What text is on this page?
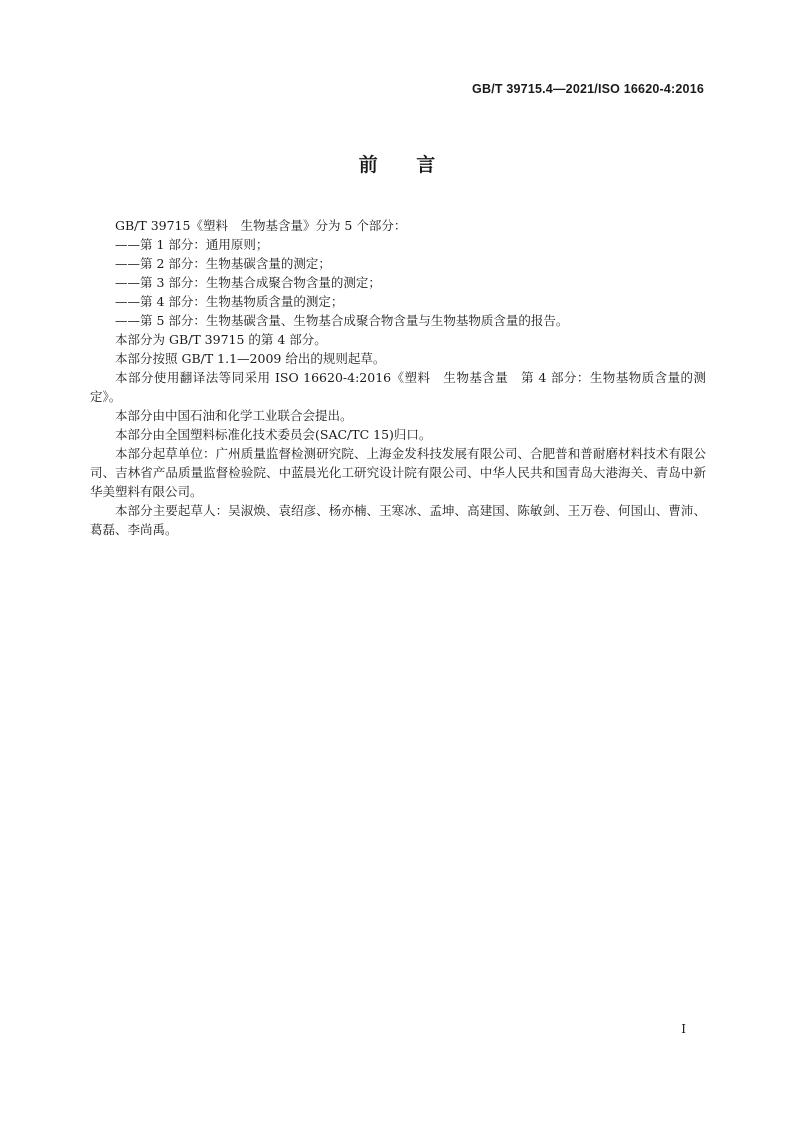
GB/T 39715.4—2021/ISO 16620-4:2016
前 言

GB/T 39715《塑料　生物基含量》分为 5 个部分：

——第 1 部分：通用原则；

——第 2 部分：生物基碳含量的测定；

——第 3 部分：生物基合成聚合物含量的测定；

——第 4 部分：生物基物质含量的测定；

——第 5 部分：生物基碳含量、生物基合成聚合物含量与生物基物质含量的报告。

本部分为 GB/T 39715 的第 4 部分。

本部分按照 GB/T 1.1—2009 给出的规则起草。

本部分使用翻译法等同采用 ISO 16620-4:2016《塑料　生物基含量　第 4 部分：生物基物质含量的测定》。

本部分由中国石油和化学工业联合会提出。

本部分由全国塑料标准化技术委员会(SAC/TC 15)归口。

本部分起草单位：广州质量监督检测研究院、上海金发科技发展有限公司、合肥普和普耐磨材料技术有限公司、吉林省产品质量监督检验院、中蓝晨光化工研究设计院有限公司、中华人民共和国青岛大港海关、青岛中新华美塑料有限公司。

本部分主要起草人：吴淑焕、袁绍彦、杨亦楠、王寒冰、孟坤、高建国、陈敏剑、王万卷、何国山、曹沛、葛磊、李尚禹。

I
